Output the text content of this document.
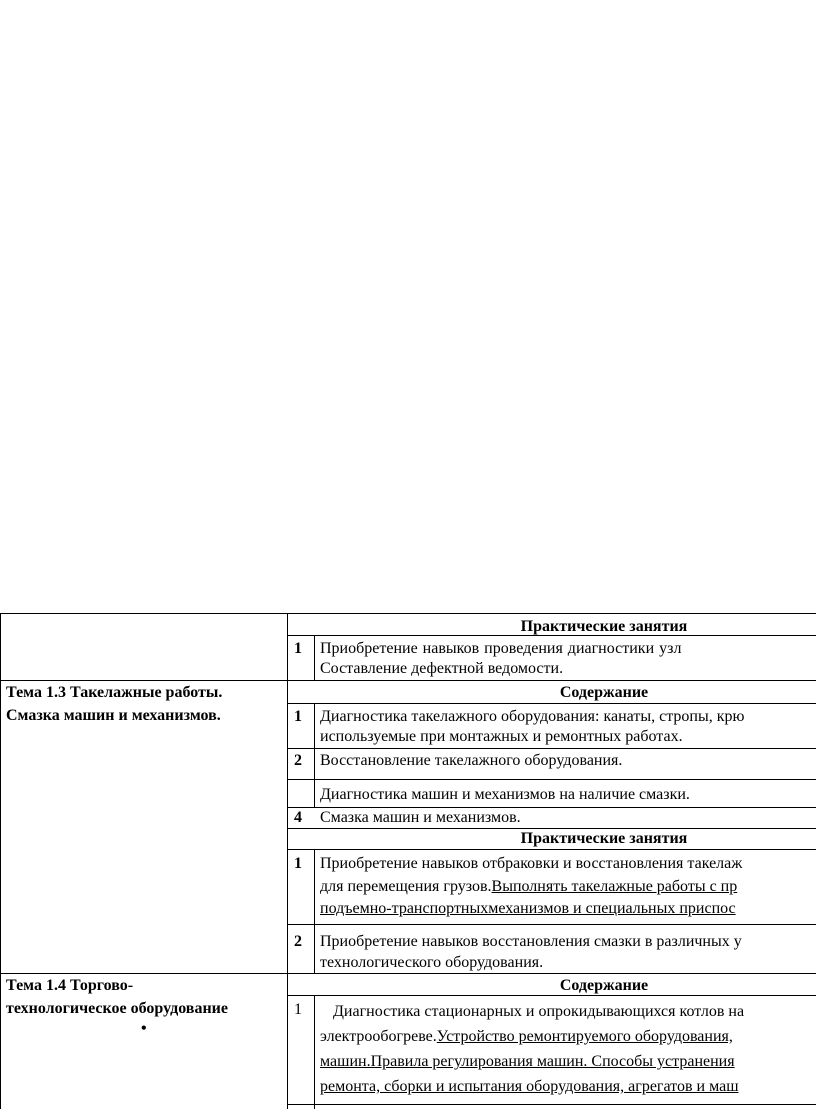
Практические занятия
1 Приобретение навыков проведения диагностики узл
Составление дефектной ведомости.
Тема 1.3 Такелажные работы.
Смазка машин и механизмов.
Содержание
1 Диагностика такелажного оборудования: канаты, стропы, крю
используемые при монтажных и ремонтных работах.
2 Восстановление такелажного оборудования.
Диагностика машин и механизмов на наличие смазки.
4 Смазка машин и механизмов.
Практические занятия
1 Приобретение навыков отбраковки и восстановления такелаж
для перемещения грузов.Выполнять такелажные работы с пр
подъемно-транспортныхмеханизмов и специальных приспос
2 Приобретение навыков восстановления смазки в различных у
технологического оборудования.
Тема 1.4 Торгово-
технологическое оборудование
•
Содержание
1 Диагностика стационарных и опрокидывающихся котлов на
электрообогреве.Устройство ремонтируемого оборудования,
машин.Правила регулирования машин. Способы устранения
ремонта, сборки и испытания оборудования, агрегатов и маш
